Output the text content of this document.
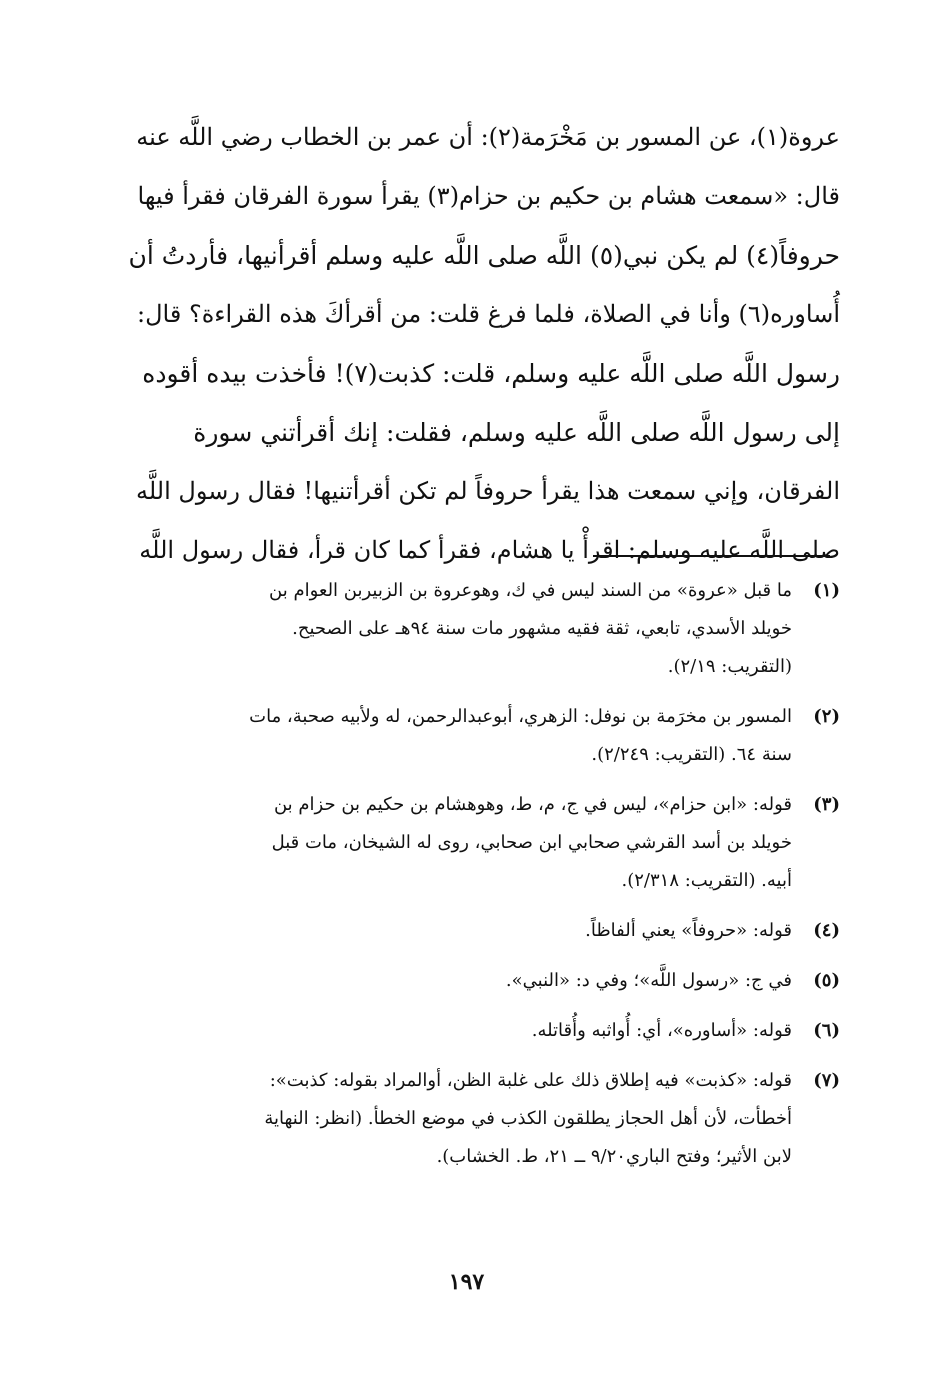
عروة(١)، عن المسور بن مَخْرَمة(٢): أن عمر بن الخطاب رضي اللَّه عنه
قال: «سمعت هشام بن حكيم بن حزام(٣) يقرأ سورة الفرقان فقرأ فيها
حروفاً(٤) لم يكن نبي(٥) اللَّه صلى اللَّه عليه وسلم أقرأنيها، فأردتُ أن
أُساوره(٦) وأنا في الصلاة، فلما فرغ قلت: من أقرأكَ هذه القراءة؟ قال:
رسول اللَّه صلى اللَّه عليه وسلم، قلت: كذبت(٧)! فأخذت بيده أقوده
إلى رسول اللَّه صلى اللَّه عليه وسلم، فقلت: إنك أقرأتني سورة
الفرقان، وإني سمعت هذا يقرأ حروفاً لم تكن أقرأتنيها! فقال رسول اللَّه
صلى اللَّه عليه وسلم: اقرأْ يا هشام، فقرأ كما كان قرأ، فقال رسول اللَّه
(١)
ما قبل «عروة» من السند ليس في ك، وهوعروة بن الزبيربن العوام بن
خويلد الأسدي، تابعي، ثقة فقيه مشهور مات سنة ٩٤هـ على الصحيح.
(التقريب: ٢/١٩).
(٢)
المسور بن مخرَمة بن نوفل: الزهري، أبوعبدالرحمن، له ولأبيه صحبة، مات
سنة ٦٤. (التقريب: ٢/٢٤٩).
(٣)
قوله: «ابن حزام»، ليس في ج، م، ط، وهوهشام بن حكيم بن حزام بن
خويلد بن أسد القرشي صحابي ابن صحابي، روى له الشيخان، مات قبل
أبيه. (التقريب: ٢/٣١٨).
(٤)
قوله: «حروفاً» يعني ألفاظاً.
(٥)
في ج: «رسول اللَّه»؛ وفي د: «النبي».
(٦)
قوله: «أساوره»، أي: أُواثبه وأُقاتله.
(٧)
قوله: «كذبت» فيه إطلاق ذلك على غلبة الظن، أوالمراد بقوله: كذبت»:
أخطأت، لأن أهل الحجاز يطلقون الكذب في موضع الخطأ. (انظر: النهاية
لابن الأثير؛ وفتح الباري٩/٢٠ ــ ٢١، ط. الخشاب).
١٩٧
